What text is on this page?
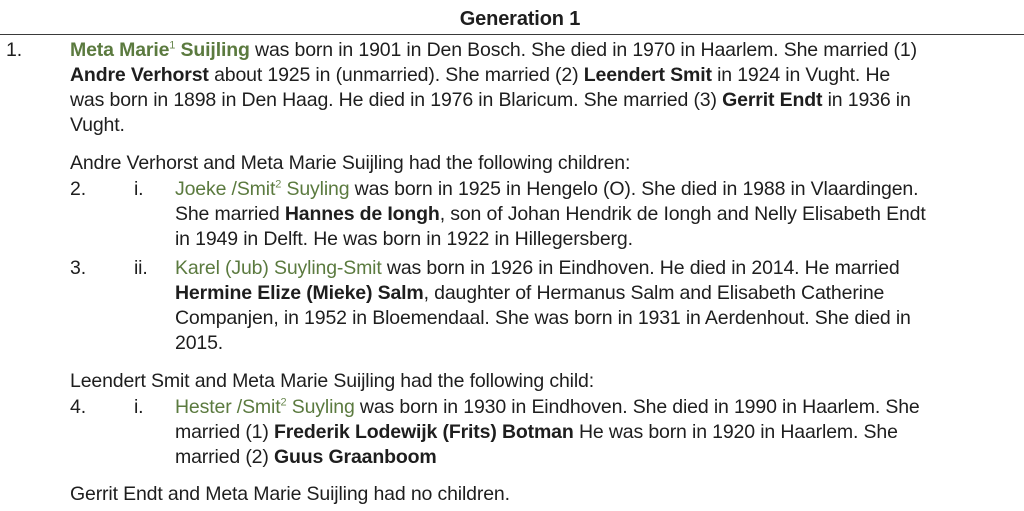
Generation 1
1. Meta Marie$^1$ Suijling was born in 1901 in Den Bosch. She died in 1970 in Haarlem. She married (1)
Andre Verhorst about 1925 in (unmarried). She married (2) Leendert Smit in 1924 in Vught. He
was born in 1898 in Den Haag. He died in 1976 in Blaricum. She married (3) Gerrit Endt in 1936 in
Vught.
Andre Verhorst and Meta Marie Suijling had the following children:
2. i. Joeke /Smit$^2$ Suyling was born in 1925 in Hengelo (O). She died in 1988 in Vlaardingen.
She married Hannes de Iongh, son of Johan Hendrik de Iongh and Nelly Elisabeth Endt
in 1949 in Delft. He was born in 1922 in Hillegersberg.
3. ii. Karel (Jub) Suyling-Smit was born in 1926 in Eindhoven. He died in 2014. He married
Hermine Elize (Mieke) Salm, daughter of Hermanus Salm and Elisabeth Catherine
Companjen, in 1952 in Bloemendaal. She was born in 1931 in Aerdenhout. She died in
2015.
Leendert Smit and Meta Marie Suijling had the following child:
4. i. Hester /Smit$^2$ Suyling was born in 1930 in Eindhoven. She died in 1990 in Haarlem. She
married (1) Frederik Lodewijk (Frits) Botman He was born in 1920 in Haarlem. She
married (2) Guus Graanboom
Gerrit Endt and Meta Marie Suijling had no children.
